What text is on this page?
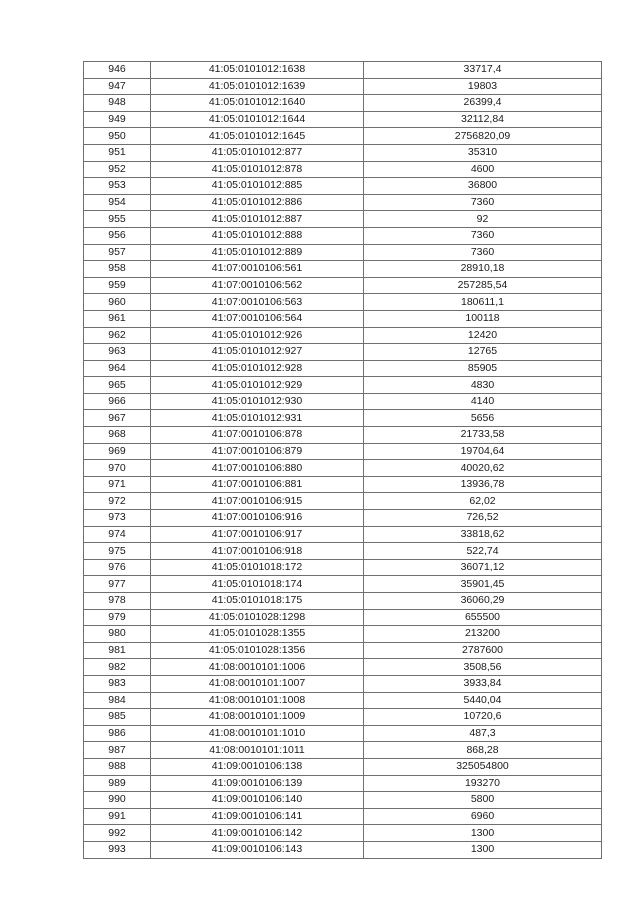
946	41:05:0101012:1638	33717,4
947	41:05:0101012:1639	19803
948	41:05:0101012:1640	26399,4
949	41:05:0101012:1644	32112,84
950	41:05:0101012:1645	2756820,09
951	41:05:0101012:877	35310
952	41:05:0101012:878	4600
953	41:05:0101012:885	36800
954	41:05:0101012:886	7360
955	41:05:0101012:887	92
956	41:05:0101012:888	7360
957	41:05:0101012:889	7360
958	41:07:0010106:561	28910,18
959	41:07:0010106:562	257285,54
960	41:07:0010106:563	180611,1
961	41:07:0010106:564	100118
962	41:05:0101012:926	12420
963	41:05:0101012:927	12765
964	41:05:0101012:928	85905
965	41:05:0101012:929	4830
966	41:05:0101012:930	4140
967	41:05:0101012:931	5656
968	41:07:0010106:878	21733,58
969	41:07:0010106:879	19704,64
970	41:07:0010106:880	40020,62
971	41:07:0010106:881	13936,78
972	41:07:0010106:915	62,02
973	41:07:0010106:916	726,52
974	41:07:0010106:917	33818,62
975	41:07:0010106:918	522,74
976	41:05:0101018:172	36071,12
977	41:05:0101018:174	35901,45
978	41:05:0101018:175	36060,29
979	41:05:0101028:1298	655500
980	41:05:0101028:1355	213200
981	41:05:0101028:1356	2787600
982	41:08:0010101:1006	3508,56
983	41:08:0010101:1007	3933,84
984	41:08:0010101:1008	5440,04
985	41:08:0010101:1009	10720,6
986	41:08:0010101:1010	487,3
987	41:08:0010101:1011	868,28
988	41:09:0010106:138	325054800
989	41:09:0010106:139	193270
990	41:09:0010106:140	5800
991	41:09:0010106:141	6960
992	41:09:0010106:142	1300
993	41:09:0010106:143	1300
